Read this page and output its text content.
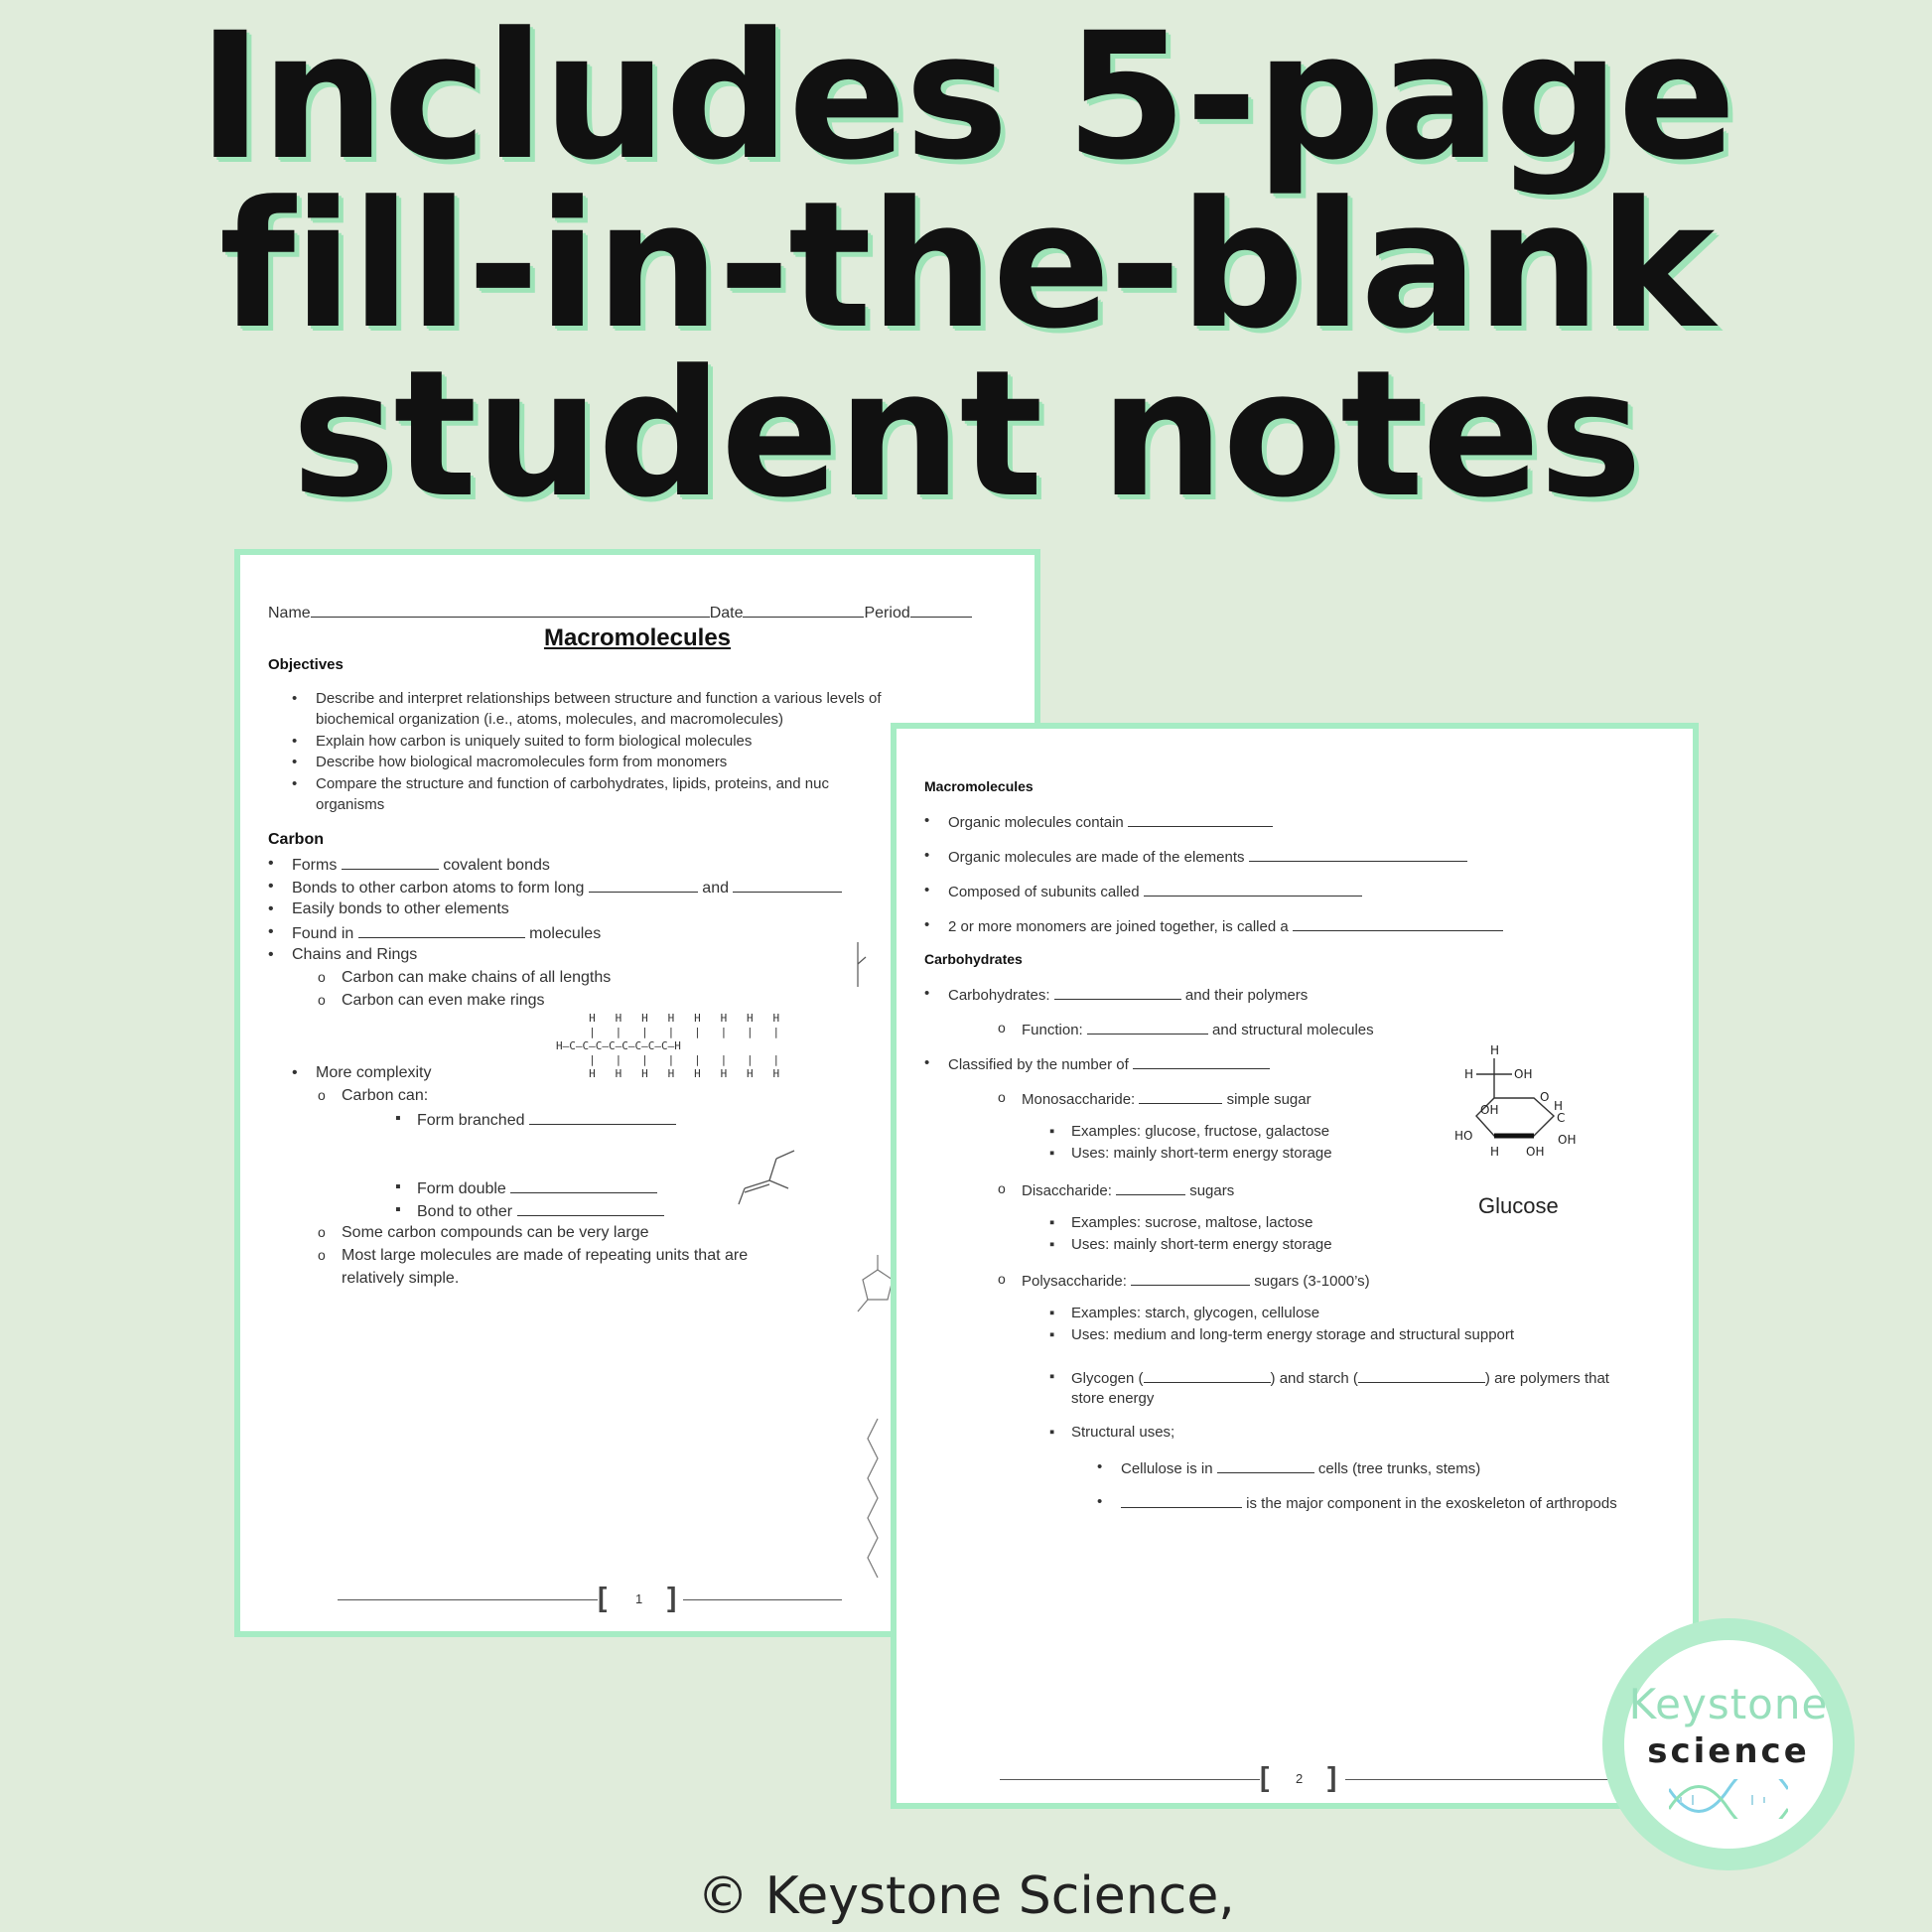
Includes 5-page
fill-in-the-blank
student notes
Name	Date	Period
Macromolecules
Objectives
• Describe and interpret relationships between structure and function a various levels of
biochemical organization (i.e., atoms, molecules, and macromolecules)
• Explain how carbon is uniquely suited to form biological molecules
• Describe how biological macromolecules form from monomers
• Compare the structure and function of carbohydrates, lipids, proteins, and nuc
organisms
Carbon
• Forms	covalent bonds
• Bonds to other carbon atoms to form long	and
• Easily bonds to other elements
• Found in	molecules
• Chains and Rings
o Carbon can make chains of all lengths
o Carbon can even make rings
H   H   H   H   H   H   H   H
|   |   |   |   |   |   |   |
H—C—C—C—C—C—C—C—C—H
|   |   |   |   |   |   |   |
H   H   H   H   H   H   H   H
• More complexity
o Carbon can:
▪ Form branched
▪ Form double
▪ Bond to other
o Some carbon compounds can be very large
o Most large molecules are made of repeating units that are
relatively simple.
[ 1 ]
Macromolecules
• Organic molecules contain
• Organic molecules are made of the elements
• Composed of subunits called
• 2 or more monomers are joined together, is called a
Carbohydrates
• Carbohydrates:	and their polymers
o Function:	and structural molecules
• Classified by the number of
o Monosaccharide:	simple sugar
▪ Examples: glucose, fructose, galactose
▪ Uses: mainly short-term energy storage
o Disaccharide:	sugars
▪ Examples: sucrose, maltose, lactose
▪ Uses: mainly short-term energy storage
o Polysaccharide:	sugars (3-1000’s)
▪ Examples: starch, glycogen, cellulose
▪ Uses: medium and long-term energy storage and structural support
▪ Glycogen (	) and starch (	) are polymers that
store energy
▪ Structural uses;
• Cellulose is in	cells (tree trunks, stems)
• is the major component in the exoskeleton of arthropods
H
H	OH
O
H
C
OH
OH
HO
H OH
Glucose
[ 2 ]
Keystone
science
© Keystone Science,
